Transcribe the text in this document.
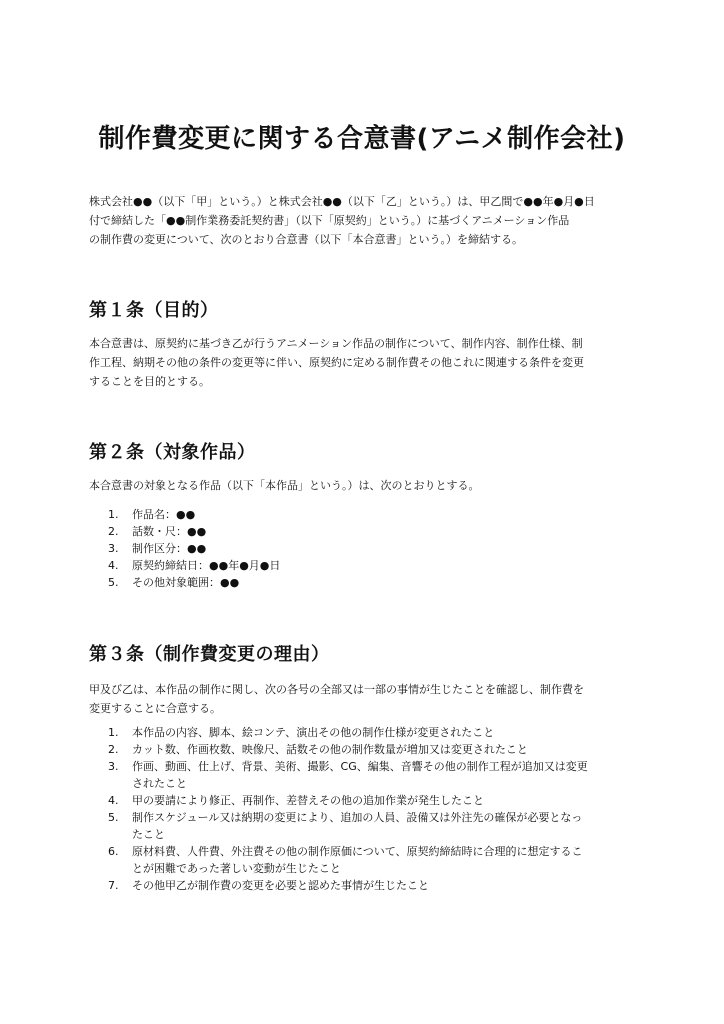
制作費変更に関する合意書(アニメ制作会社)

株式会社●●（以下「甲」という。）と株式会社●●（以下「乙」という。）は、甲乙間で●●年●月●日
付で締結した「●●制作業務委託契約書」（以下「原契約」という。）に基づくアニメーション作品
の制作費の変更について、次のとおり合意書（以下「本合意書」という。）を締結する。

第１条（目的）

本合意書は、原契約に基づき乙が行うアニメーション作品の制作について、制作内容、制作仕様、制
作工程、納期その他の条件の変更等に伴い、原契約に定める制作費その他これに関連する条件を変更
することを目的とする。

第２条（対象作品）

本合意書の対象となる作品（以下「本作品」という。）は、次のとおりとする。

1.	作品名：●●
2.	話数・尺：●●
3.	制作区分：●●
4.	原契約締結日：●●年●月●日
5.	その他対象範囲：●●
第３条（制作費変更の理由）

甲及び乙は、本作品の制作に関し、次の各号の全部又は一部の事情が生じたことを確認し、制作費を
変更することに合意する。

1.	本作品の内容、脚本、絵コンテ、演出その他の制作仕様が変更されたこと
2.	カット数、作画枚数、映像尺、話数その他の制作数量が増加又は変更されたこと
3.	作画、動画、仕上げ、背景、美術、撮影、CG、編集、音響その他の制作工程が追加又は変更
されたこと
4.	甲の要請により修正、再制作、差替えその他の追加作業が発生したこと
5.	制作スケジュール又は納期の変更により、追加の人員、設備又は外注先の確保が必要となっ
たこと
6.	原材料費、人件費、外注費その他の制作原価について、原契約締結時に合理的に想定するこ
とが困難であった著しい変動が生じたこと
7.	その他甲乙が制作費の変更を必要と認めた事情が生じたこと
